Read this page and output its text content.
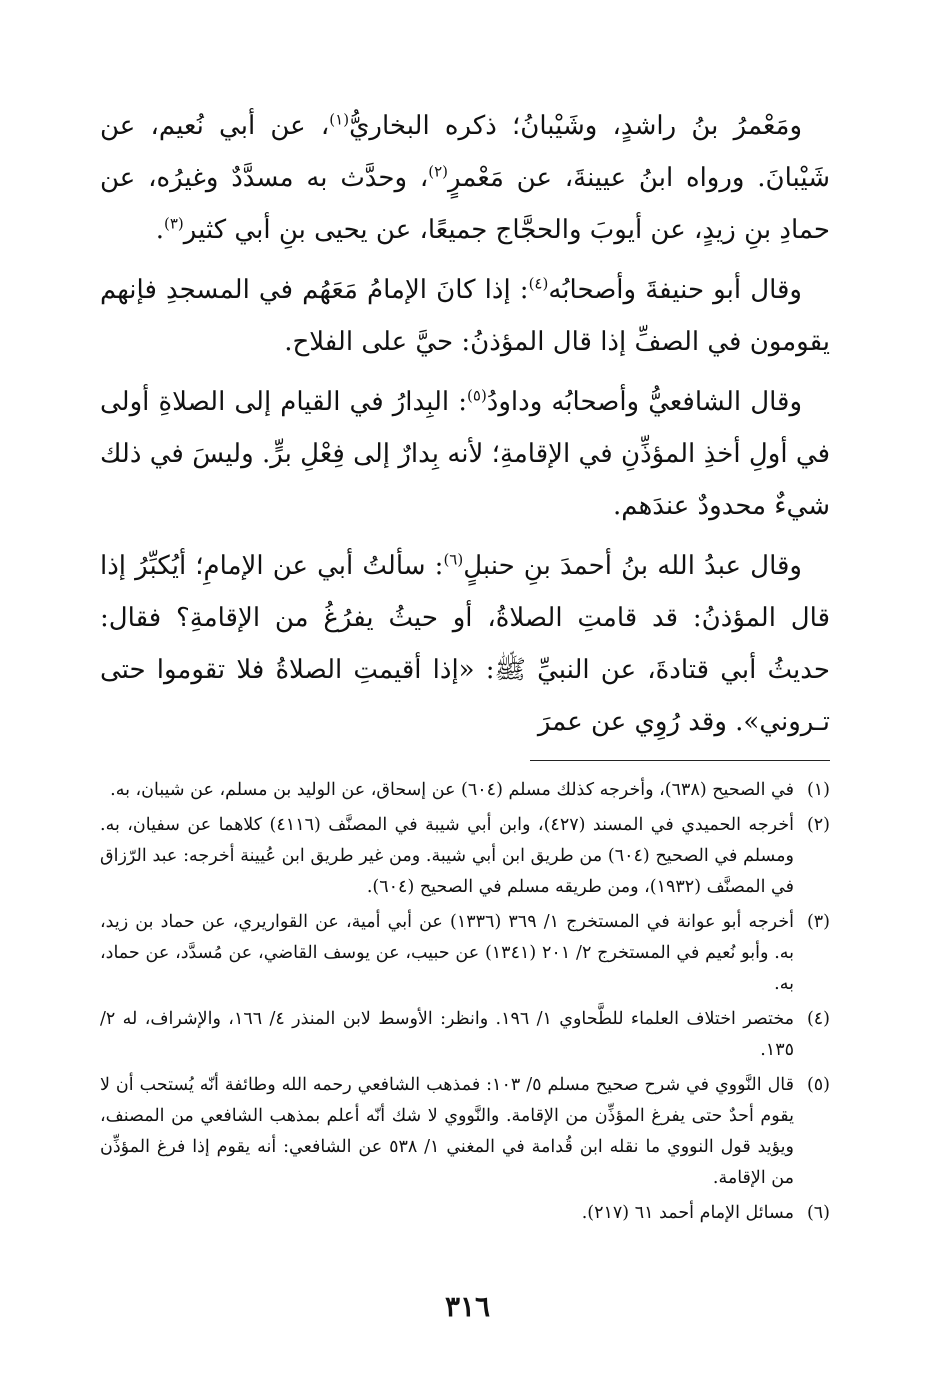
ومَعْمرُ بنُ راشدٍ، وشَيْبانُ؛ ذكره البخاريُّ$^{(١)}$، عن أبي نُعيم، عن شَيْبانَ. ورواه ابنُ عيينةَ، عن مَعْمرٍ$^{(٢)}$، وحدَّث به مسدَّدٌ وغيرُه، عن حمادِ بنِ زيدٍ، عن أيوبَ والحجَّاج جميعًا، عن يحيى بنِ أبي كثير$^{(٣)}$.

وقال أبو حنيفةَ وأصحابُه$^{(٤)}$: إذا كانَ الإمامُ مَعَهُم في المسجدِ فإنهم يقومون في الصفِّ إذا قال المؤذنُ: حيَّ على الفلاح.

وقال الشافعيُّ وأصحابُه وداودُ$^{(٥)}$: البِدارُ في القيام إلى الصلاةِ أولى في أولِ أخذِ المؤذِّنِ في الإقامةِ؛ لأنه بِدارٌ إلى فِعْلِ برٍّ. وليسَ في ذلك شيءٌ محدودٌ عندَهم.

وقال عبدُ الله بنُ أحمدَ بنِ حنبلٍ$^{(٦)}$: سألتُ أبي عن الإمامِ؛ أيُكبِّرُ إذا قال المؤذنُ: قد قامتِ الصلاةُ، أو حيثُ يفرُغُ من الإقامةِ؟ فقال: حديثُ أبي قتادةَ، عن النبيِّ ﷺ: «إذا أقيمتِ الصلاةُ فلا تقوموا حتى تـروني». وقد رُوِي عن عمرَ

(١)
في الصحيح (٦٣٨)، وأخرجه كذلك مسلم (٦٠٤) عن إسحاق، عن الوليد بن مسلم، عن شيبان، به.
(٢)
أخرجه الحميدي في المسند (٤٢٧)، وابن أبي شيبة في المصنَّف (٤١١٦) كلاهما عن سفيان، به. ومسلم في الصحيح (٦٠٤) من طريق ابن أبي شيبة. ومن غير طريق ابن عُيينة أخرجه: عبد الرّزاق في المصنَّف (١٩٣٢)، ومن طريقه مسلم في الصحيح (٦٠٤).
(٣)
أخرجه أبو عوانة في المستخرج ١/ ٣٦٩ (١٣٣٦) عن أبي أمية، عن القواريري، عن حماد بن زيد، به. وأبو نُعيم في المستخرج ٢/ ٢٠١ (١٣٤١) عن حبيب، عن يوسف القاضي، عن مُسدَّد، عن حماد، به.
(٤)
مختصر اختلاف العلماء للطَّحاوي ١/ ١٩٦. وانظر: الأوسط لابن المنذر ٤/ ١٦٦، والإشراف، له ٢/ ١٣٥.
(٥)
قال النَّووي في شرح صحيح مسلم ٥/ ١٠٣: فمذهب الشافعي رحمه الله وطائفة أنّه يُستحب أن لا يقوم أحدٌ حتى يفرغ المؤذِّن من الإقامة. والنَّووي لا شك أنّه أعلم بمذهب الشافعي من المصنف، ويؤيد قول النووي ما نقله ابن قُدامة في المغني ١/ ٥٣٨ عن الشافعي: أنه يقوم إذا فرغ المؤذِّن من الإقامة.
(٦)
مسائل الإمام أحمد ٦١ (٢١٧).
٣١٦
